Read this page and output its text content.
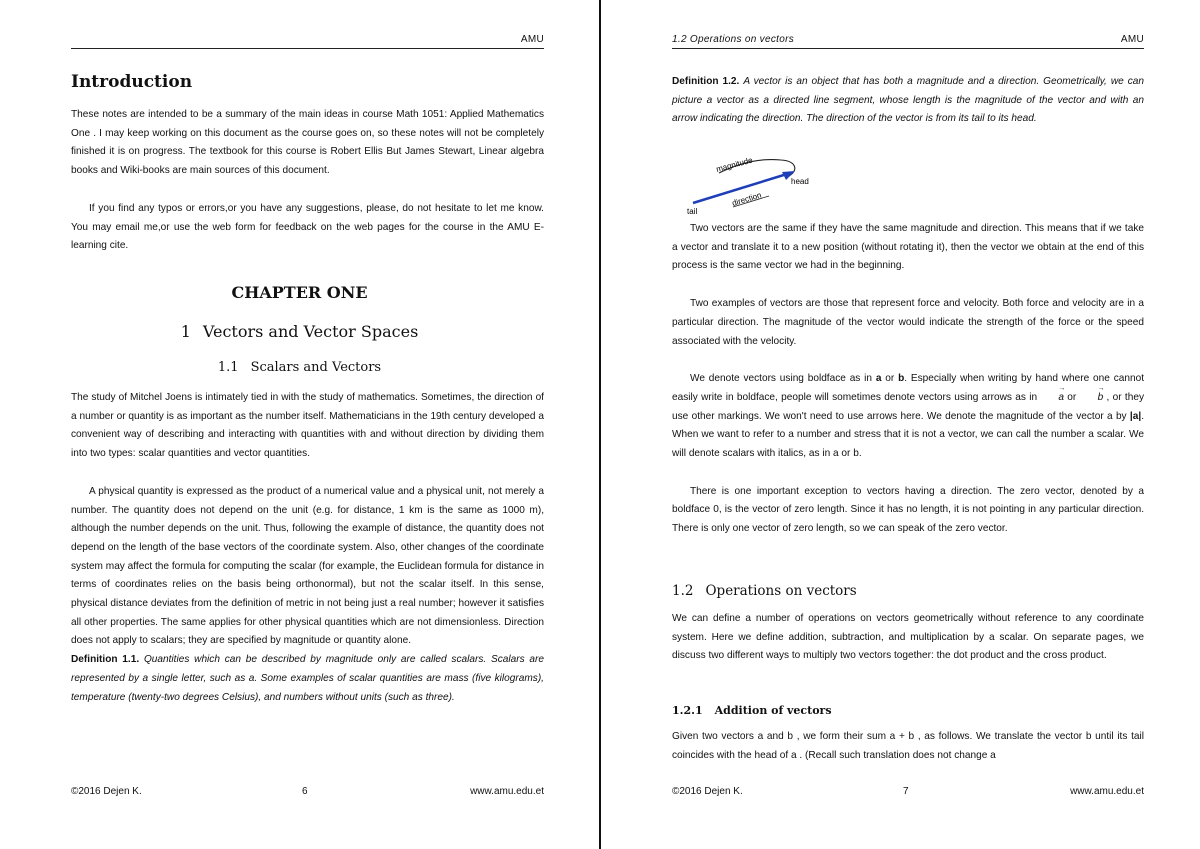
AMU
Introduction

These notes are intended to be a summary of the main ideas in course Math 1051: Applied Mathematics One . I may keep working on this document as the course goes on, so these notes will not be completely finished it is on progress. The textbook for this course is Robert Ellis But James Stewart, Linear algebra books and Wiki-books are main sources of this document.

If you find any typos or errors,or you have any suggestions, please, do not hesitate to let me know. You may email me,or use the web form for feedback on the web pages for the course in the AMU E-learning cite.

CHAPTER ONE
1 Vectors and Vector Spaces
1.1 Scalars and Vectors

The study of Mitchel Joens is intimately tied in with the study of mathematics. Sometimes, the direction of a number or quantity is as important as the number itself. Mathematicians in the 19th century developed a convenient way of describing and interacting with quantities with and without direction by dividing them into two types: scalar quantities and vector quantities.

A physical quantity is expressed as the product of a numerical value and a physical unit, not merely a number. The quantity does not depend on the unit (e.g. for distance, 1 km is the same as 1000 m), although the number depends on the unit. Thus, following the example of distance, the quantity does not depend on the length of the base vectors of the coordinate system. Also, other changes of the coordinate system may affect the formula for computing the scalar (for example, the Euclidean formula for distance in terms of coordinates relies on the basis being orthonormal), but not the scalar itself. In this sense, physical distance deviates from the definition of metric in not being just a real number; however it satisfies all other properties. The same applies for other physical quantities which are not dimensionless. Direction does not apply to scalars; they are specified by magnitude or quantity alone.

Definition 1.1. Quantities which can be described by magnitude only are called scalars. Scalars are represented by a single letter, such as a. Some examples of scalar quantities are mass (five kilograms), temperature (twenty-two degrees Celsius), and numbers without units (such as three).

©2016 Dejen K.	6	www.amu.edu.et
1.2 Operations on vectors	AMU

Definition 1.2. A vector is an object that has both a magnitude and a direction. Geometrically, we can picture a vector as a directed line segment, whose length is the magnitude of the vector and with an arrow indicating the direction. The direction of the vector is from its tail to its head.

magnitude
head
direction
tail

Two vectors are the same if they have the same magnitude and direction. This means that if we take a vector and translate it to a new position (without rotating it), then the vector we obtain at the end of this process is the same vector we had in the beginning.

Two examples of vectors are those that represent force and velocity. Both force and velocity are in a particular direction. The magnitude of the vector would indicate the strength of the force or the speed associated with the velocity.

We denote vectors using boldface as in a or b. Especially when writing by hand where one cannot easily write in boldface, people will sometimes denote vectors using arrows as in → a or → b , or they use other markings. We won't need to use arrows here. We denote the magnitude of the vector a by |a|. When we want to refer to a number and stress that it is not a vector, we can call the number a scalar. We will denote scalars with italics, as in a or b.

There is one important exception to vectors having a direction. The zero vector, denoted by a boldface 0, is the vector of zero length. Since it has no length, it is not pointing in any particular direction. There is only one vector of zero length, so we can speak of the zero vector.

1.2 Operations on vectors

We can define a number of operations on vectors geometrically without reference to any coordinate system. Here we define addition, subtraction, and multiplication by a scalar. On separate pages, we discuss two different ways to multiply two vectors together: the dot product and the cross product.

1.2.1 Addition of vectors

Given two vectors a and b , we form their sum a + b , as follows. We translate the vector b until its tail coincides with the head of a . (Recall such translation does not change a

©2016 Dejen K.	7	www.amu.edu.et
